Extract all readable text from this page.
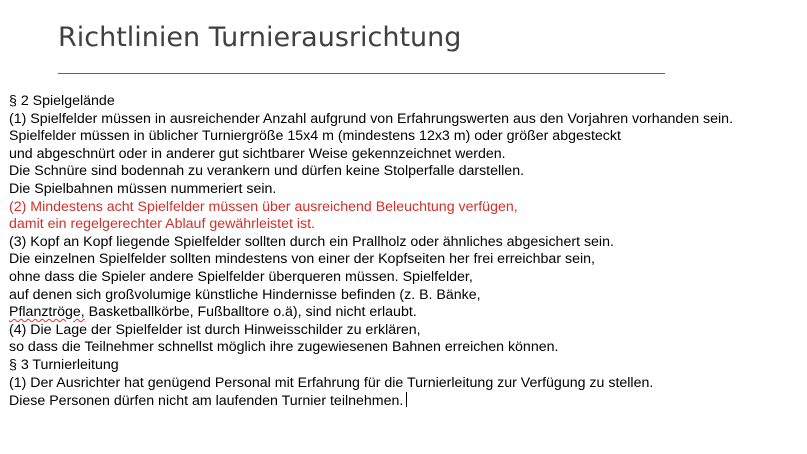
Richtlinien Turnierausrichtung
§ 2 Spielgelände
(1) Spielfelder müssen in ausreichender Anzahl aufgrund von Erfahrungswerten aus den Vorjahren vorhanden sein.
Spielfelder müssen in üblicher Turniergröße 15x4 m (mindestens 12x3 m) oder größer abgesteckt
und abgeschnürt oder in anderer gut sichtbarer Weise gekennzeichnet werden.
Die Schnüre sind bodennah zu verankern und dürfen keine Stolperfalle darstellen.
Die Spielbahnen müssen nummeriert sein.
(2) Mindestens acht Spielfelder müssen über ausreichend Beleuchtung verfügen,
damit ein regelgerechter Ablauf gewährleistet ist.
(3) Kopf an Kopf liegende Spielfelder sollten durch ein Prallholz oder ähnliches abgesichert sein.
Die einzelnen Spielfelder sollten mindestens von einer der Kopfseiten her frei erreichbar sein,
ohne dass die Spieler andere Spielfelder überqueren müssen. Spielfelder,
auf denen sich großvolumige künstliche Hindernisse befinden (z. B. Bänke,
Pflanztröge, Basketballkörbe, Fußballtore o.ä), sind nicht erlaubt.
(4) Die Lage der Spielfelder ist durch Hinweisschilder zu erklären,
so dass die Teilnehmer schnellst möglich ihre zugewiesenen Bahnen erreichen können.
§ 3 Turnierleitung
(1) Der Ausrichter hat genügend Personal mit Erfahrung für die Turnierleitung zur Verfügung zu stellen.
Diese Personen dürfen nicht am laufenden Turnier teilnehmen.
